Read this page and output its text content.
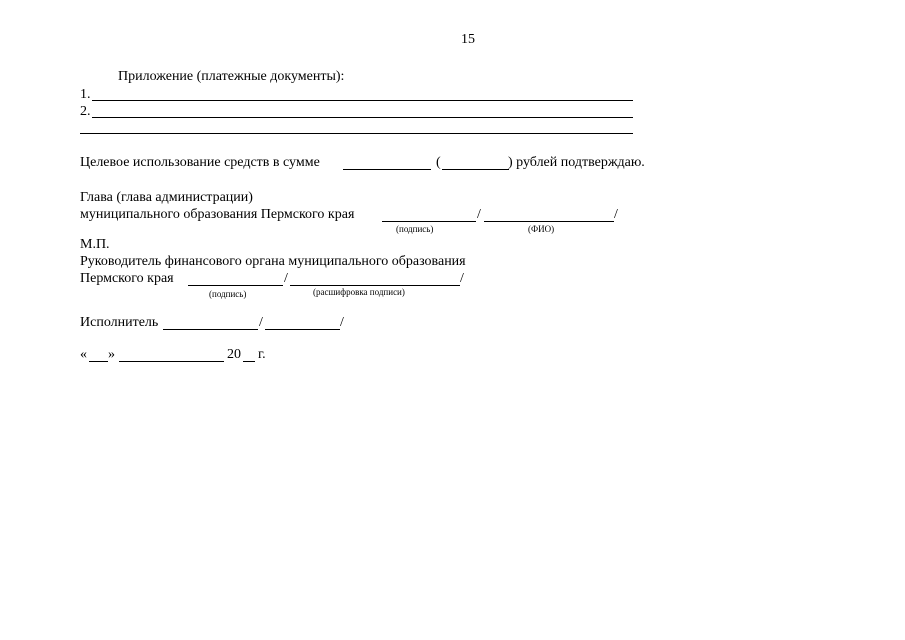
15
Приложение (платежные документы):
1.
2.
Целевое использование средств в сумме	(	) рублей подтверждаю.
Глава (глава администрации)
муниципального образования Пермского края	/	/
(подпись)	(ФИО)
М.П.
Руководитель финансового органа муниципального образования
Пермского края	/	/
(подпись)	(расшифровка подписи)
Исполнитель	/	/
« »	20 г.
